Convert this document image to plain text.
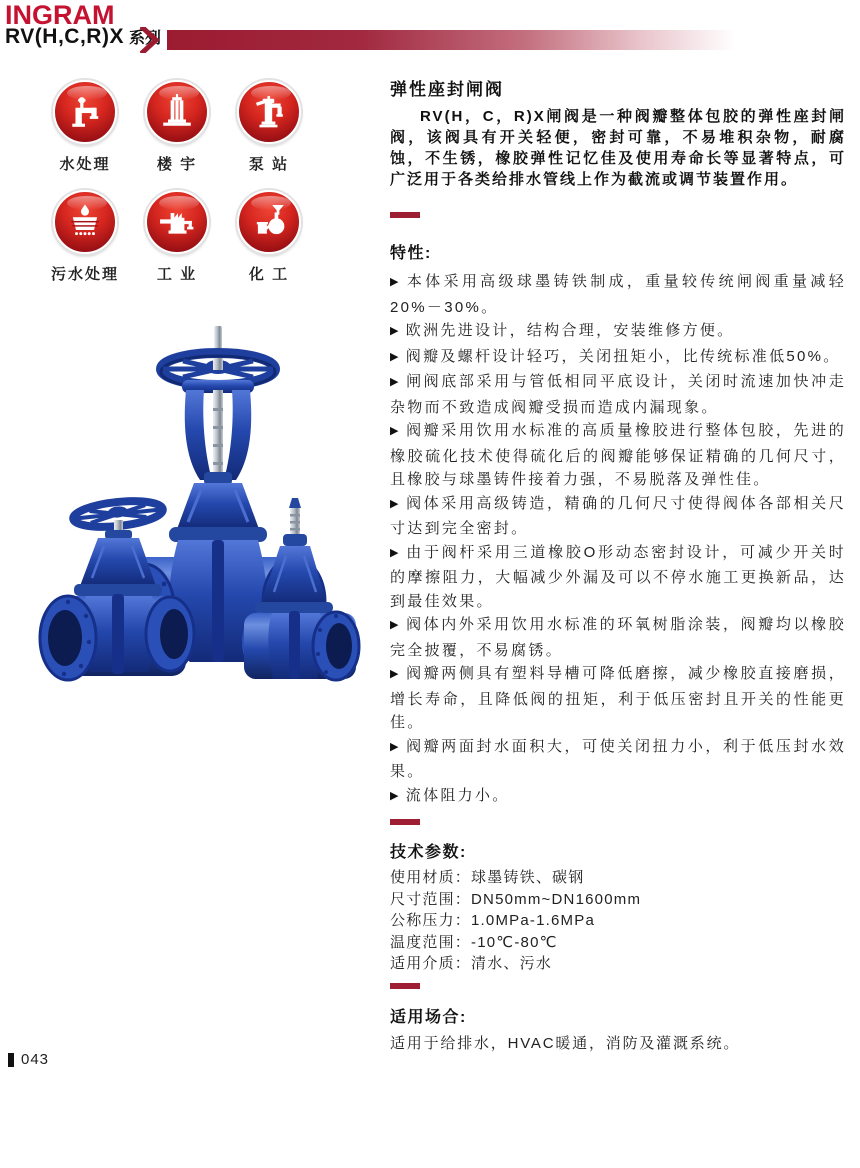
INGRAM
RV(H,C,R)X 系列
水处理	楼 宇	泵 站
污水处理	工 业	化 工
弹性座封闸阀

RV(H，C，R)X闸阀是一种阀瓣整体包胶的弹性座封闸阀，该阀具有开关轻便，密封可靠，不易堆积杂物，耐腐蚀，不生锈，橡胶弹性记忆佳及使用寿命长等显著特点，可广泛用于各类给排水管线上作为截流或调节装置作用。

特性:
▶ 本体采用高级球墨铸铁制成，重量较传统闸阀重量减轻20%－30%。
▶ 欧洲先进设计，结构合理，安装维修方便。
▶ 阀瓣及螺杆设计轻巧，关闭扭矩小，比传统标准低50%。
▶ 闸阀底部采用与管低相同平底设计，关闭时流速加快冲走杂物而不致造成阀瓣受损而造成内漏现象。
▶ 阀瓣采用饮用水标准的高质量橡胶进行整体包胶，先进的橡胶硫化技术使得硫化后的阀瓣能够保证精确的几何尺寸，且橡胶与球墨铸件接着力强，不易脱落及弹性佳。
▶ 阀体采用高级铸造，精确的几何尺寸使得阀体各部相关尺寸达到完全密封。
▶ 由于阀杆采用三道橡胶O形动态密封设计，可减少开关时的摩擦阻力，大幅减少外漏及可以不停水施工更换新品，达到最佳效果。
▶ 阀体内外采用饮用水标准的环氧树脂涂装，阀瓣均以橡胶完全披覆，不易腐锈。
▶ 阀瓣两侧具有塑料导槽可降低磨擦，减少橡胶直接磨损，增长寿命，且降低阀的扭矩，利于低压密封且开关的性能更佳。
▶ 阀瓣两面封水面积大，可使关闭扭力小，利于低压封水效果。
▶ 流体阻力小。
技术参数:
使用材质：球墨铸铁、碳钢
尺寸范围：DN50mm~DN1600mm
公称压力：1.0MPa-1.6MPa
温度范围：-10℃-80℃
适用介质：清水、污水
适用场合:

适用于给排水，HVAC暖通，消防及灌溉系统。

043
